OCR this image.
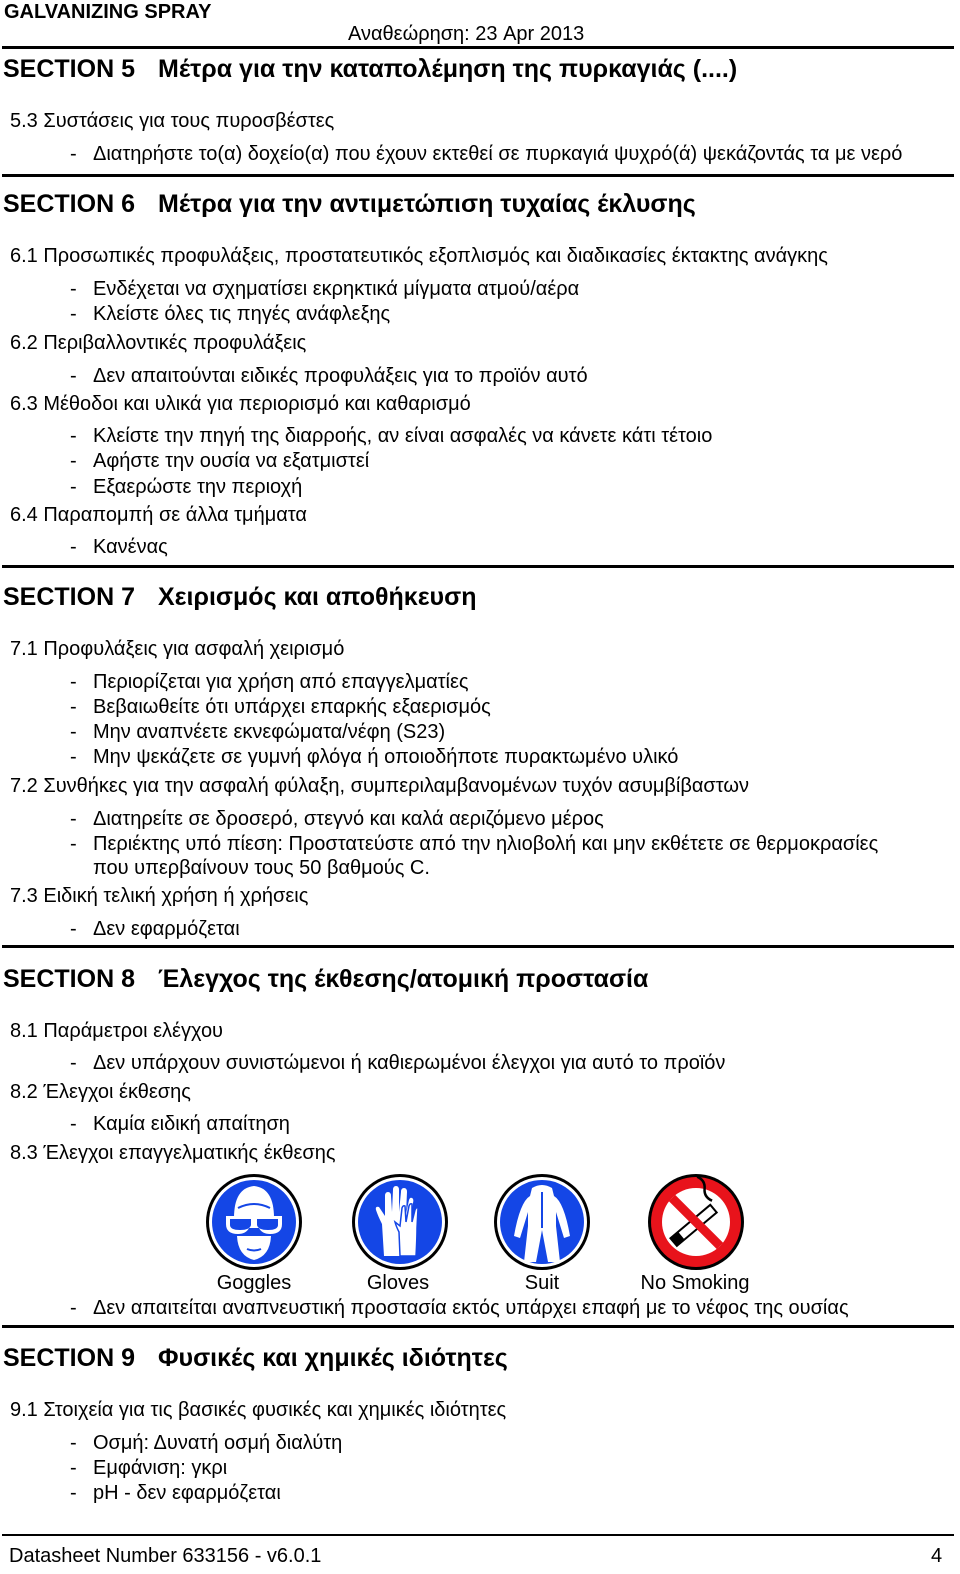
GALVANIZING SPRAY
Αναθεώρηση: 23 Apr 2013
SECTION 5 Μέτρα για την καταπολέμηση της πυρκαγιάς (....)
5.3 Συστάσεις για τους πυροσβέστες
- Διατηρήστε το(α) δοχείο(α) που έχουν εκτεθεί σε πυρκαγιά ψυχρό(ά) ψεκάζοντάς τα με νερό
SECTION 6 Μέτρα για την αντιμετώπιση τυχαίας έκλυσης
6.1 Προσωπικές προφυλάξεις, προστατευτικός εξοπλισμός και διαδικασίες έκτακτης ανάγκης
- Ενδέχεται να σχηματίσει εκρηκτικά μίγματα ατμού/αέρα
- Κλείστε όλες τις πηγές ανάφλεξης
6.2 Περιβαλλοντικές προφυλάξεις
- Δεν απαιτούνται ειδικές προφυλάξεις για το προϊόν αυτό
6.3 Μέθοδοι και υλικά για περιορισμό και καθαρισμό
- Κλείστε την πηγή της διαρροής, αν είναι ασφαλές να κάνετε κάτι τέτοιο
- Αφήστε την ουσία να εξατμιστεί
- Εξαερώστε την περιοχή
6.4 Παραπομπή σε άλλα τμήματα
- Κανένας
SECTION 7 Χειρισμός και αποθήκευση
7.1 Προφυλάξεις για ασφαλή χειρισμό
- Περιορίζεται για χρήση από επαγγελματίες
- Βεβαιωθείτε ότι υπάρχει επαρκής εξαερισμός
- Μην αναπνέετε εκνεφώματα/νέφη (S23)
- Μην ψεκάζετε σε γυμνή φλόγα ή οποιοδήποτε πυρακτωμένο υλικό
7.2 Συνθήκες για την ασφαλή φύλαξη, συμπεριλαμβανομένων τυχόν ασυμβίβαστων
- Διατηρείτε σε δροσερό, στεγνό και καλά αεριζόμενο μέρος
- Περιέκτης υπό πίεση: Προστατεύστε από την ηλιοβολή και μην εκθέτετε σε θερμοκρασίες
που υπερβαίνουν τους 50 βαθμούς C.
7.3 Ειδική τελική χρήση ή χρήσεις
- Δεν εφαρμόζεται
SECTION 8 Έλεγχος της έκθεσης/ατομική προστασία
8.1 Παράμετροι ελέγχου
- Δεν υπάρχουν συνιστώμενοι ή καθιερωμένοι έλεγχοι για αυτό το προϊόν
8.2 Έλεγχοι έκθεσης
- Καμία ειδική απαίτηση
8.3 Έλεγχοι επαγγελματικής έκθεσης
Goggles	Gloves	Suit	No Smoking
- Δεν απαιτείται αναπνευστική προστασία εκτός υπάρχει επαφή με το νέφος της ουσίας
SECTION 9 Φυσικές και χημικές ιδιότητες
9.1 Στοιχεία για τις βασικές φυσικές και χημικές ιδιότητες
- Οσμή: Δυνατή οσμή διαλύτη
- Εμφάνιση: γκρι
- pH - δεν εφαρμόζεται
Datasheet Number 633156 - v6.0.1	4
